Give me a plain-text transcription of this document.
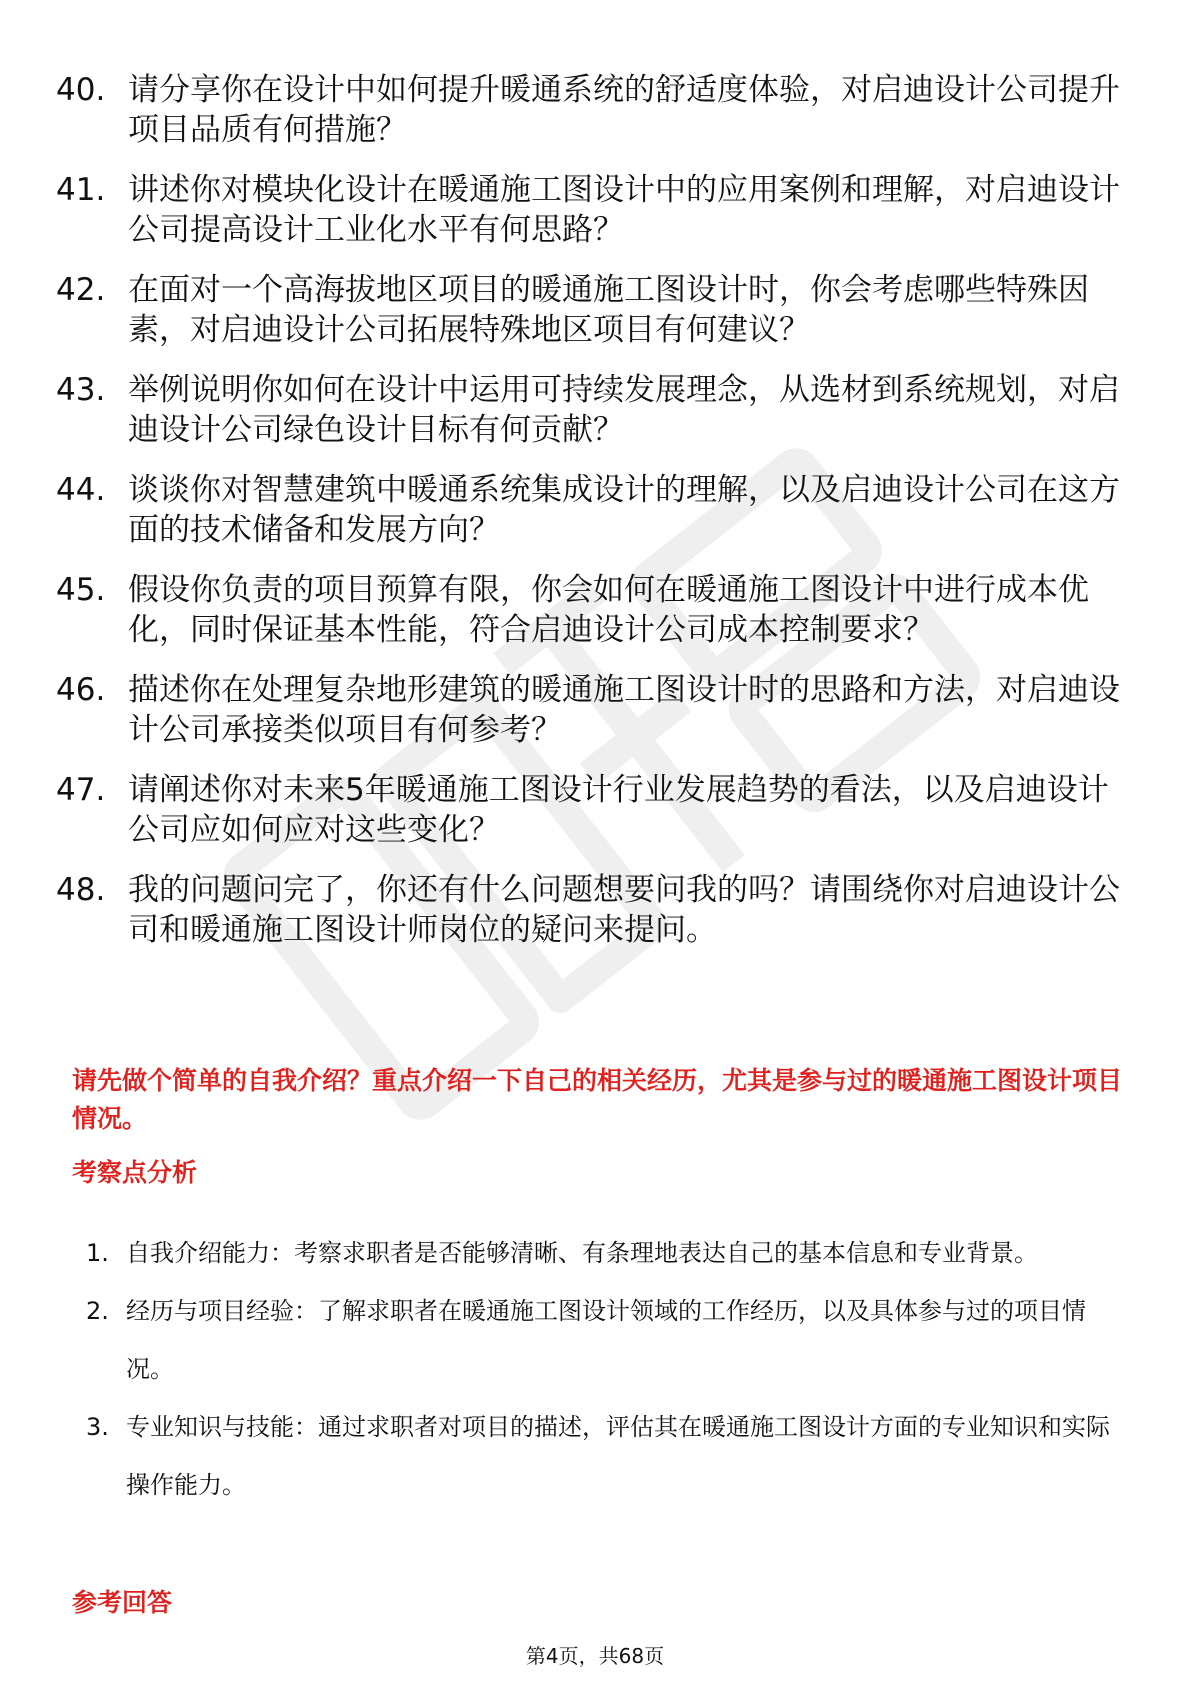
40. 请分享你在设计中如何提升暖通系统的舒适度体验，对启迪设计公司提升项目品质有何措施？
41. 讲述你对模块化设计在暖通施工图设计中的应用案例和理解，对启迪设计公司提高设计工业化水平有何思路？
42. 在面对一个高海拔地区项目的暖通施工图设计时，你会考虑哪些特殊因素，对启迪设计公司拓展特殊地区项目有何建议？
43. 举例说明你如何在设计中运用可持续发展理念，从选材到系统规划，对启迪设计公司绿色设计目标有何贡献？
44. 谈谈你对智慧建筑中暖通系统集成设计的理解，以及启迪设计公司在这方面的技术储备和发展方向？
45. 假设你负责的项目预算有限，你会如何在暖通施工图设计中进行成本优化，同时保证基本性能，符合启迪设计公司成本控制要求？
46. 描述你在处理复杂地形建筑的暖通施工图设计时的思路和方法，对启迪设计公司承接类似项目有何参考？
47. 请阐述你对未来5年暖通施工图设计行业发展趋势的看法，以及启迪设计公司应如何应对这些变化？
48. 我的问题问完了，你还有什么问题想要问我的吗？请围绕你对启迪设计公司和暖通施工图设计师岗位的疑问来提问。

请先做个简单的自我介绍？重点介绍一下自己的相关经历，尤其是参与过的暖通施工图设计项目情况。

考察点分析

1. 自我介绍能力：考察求职者是否能够清晰、有条理地表达自己的基本信息和专业背景。
2. 经历与项目经验：了解求职者在暖通施工图设计领域的工作经历，以及具体参与过的项目情况。
3. 专业知识与技能：通过求职者对项目的描述，评估其在暖通施工图设计方面的专业知识和实际操作能力。

参考回答

第4页，共68页
